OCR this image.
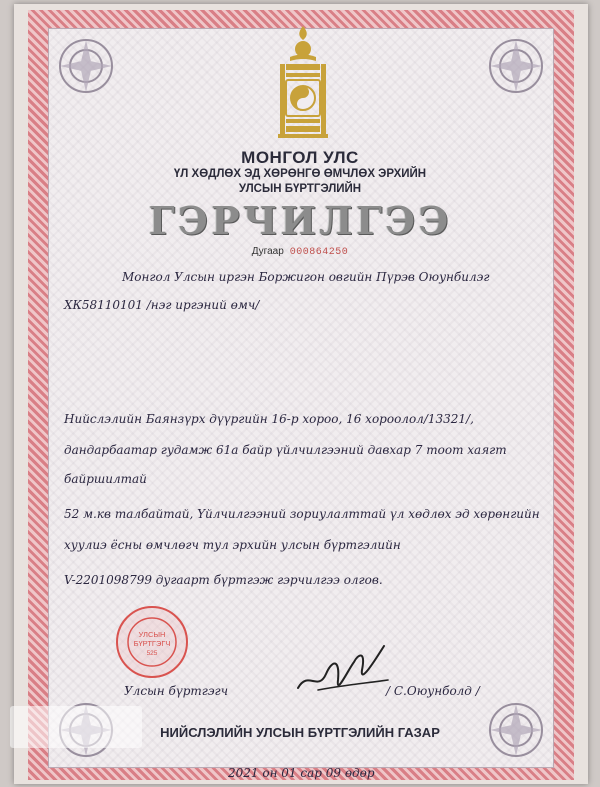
МОНГОЛ УЛС
ҮЛ ХӨДЛӨХ ЭД ХӨРӨНГӨ ӨМЧЛӨХ ЭРХИЙН
УЛСЫН БҮРТГЭЛИЙН
ГЭРЧИЛГЭЭ
Дугаар 000864250
Монгол Улсын иргэн Боржигон овгийн Пүрэв Оюунбилэг
ХК58110101 /нэг иргэний өмч/
Нийслэлийн Баянзүрх дүүргийн 16-р хороо, 16 хороолол/13321/,
дандарбаатар гудамж 61а байр үйлчилгээний давхар 7 тоот хаягт
байршилтай
52 м.кв талбайтай, Үйлчилгээний зориулалттай үл хөдлөх эд хөрөнгийн
хуулиэ ёсны өмчлөгч тул эрхийн улсын бүртгэлийн
V-2201098799 дугаарт бүртгэж гэрчилгээ олгов.
УЛСЫН
БҮРТГЭГЧ
525
Улсын бүртгэгч	/ С.Оюунболд /
НИЙСЛЭЛИЙН УЛСЫН БҮРТГЭЛИЙН ГАЗАР
2021 он 01 сар 09 өдөр
